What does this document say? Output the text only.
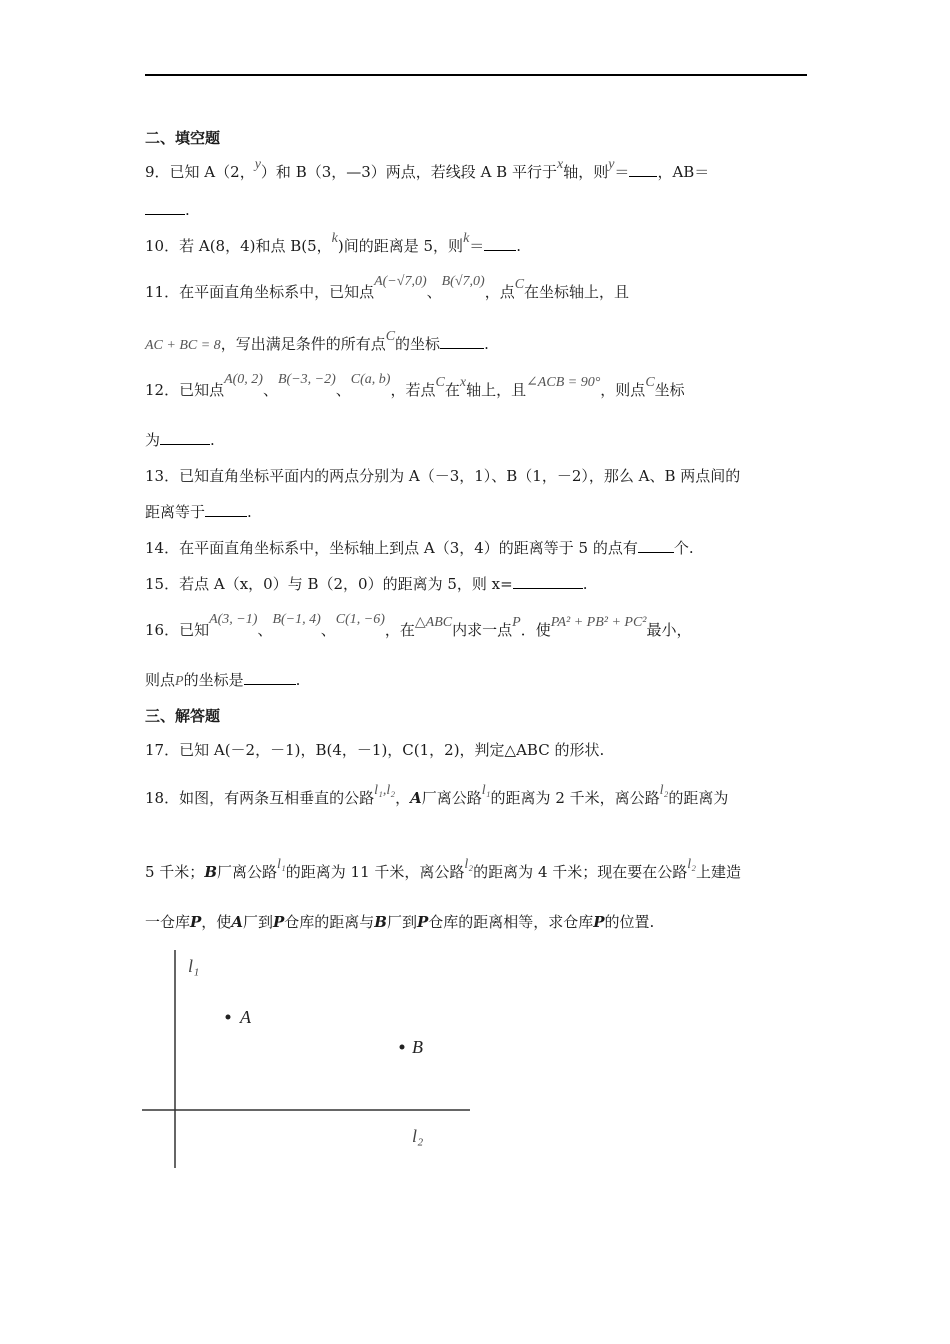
二、填空题
9．已知 A（2，y）和 B（3，—3）两点，若线段 A B 平行于x轴，则y＝ ，AB＝
.
10．若 A(8，4)和点 B(5，k)间的距离是 5，则k＝ .
11．在平面直角坐标系中，已知点A(−√7,0)、B(√7,0)，点C在坐标轴上，且
AC + BC = 8，写出满足条件的所有点C的坐标	.
12．已知点A(0, 2)、B(−3, −2)、C(a, b)，若点C在x轴上，且∠ACB = 90°，则点C坐标
为	.
13．已知直角坐标平面内的两点分别为 A（－3，1）、B（1，－2），那么 A、B 两点间的
距离等于	.
14．在平面直角坐标系中，坐标轴上到点 A（3，4）的距离等于 5 的点有 个.
15．若点 A（x，0）与 B（2，0）的距离为 5，则 x=	.
16．已知A(3, −1)、B(−1, 4)、C(1, −6)，在△ABC内求一点P．使PA² + PB² + PC²最小，
则点P的坐标是	.
三、解答题
17．已知 A(－2，－1)，B(4，－1)，C(1，2)，判定△ABC 的形状.
18．如图，有两条互相垂直的公路l₁,l₂，A厂离公路l₁的距离为 2 千米，离公路l₂的距离为
5 千米；B厂离公路l₁的距离为 11 千米，离公路l₂的距离为 4 千米；现在要在公路l₂上建造
一仓库P，使A厂到P仓库的距离与B厂到P仓库的距离相等，求仓库P的位置.
l₁
A
B
l₂
